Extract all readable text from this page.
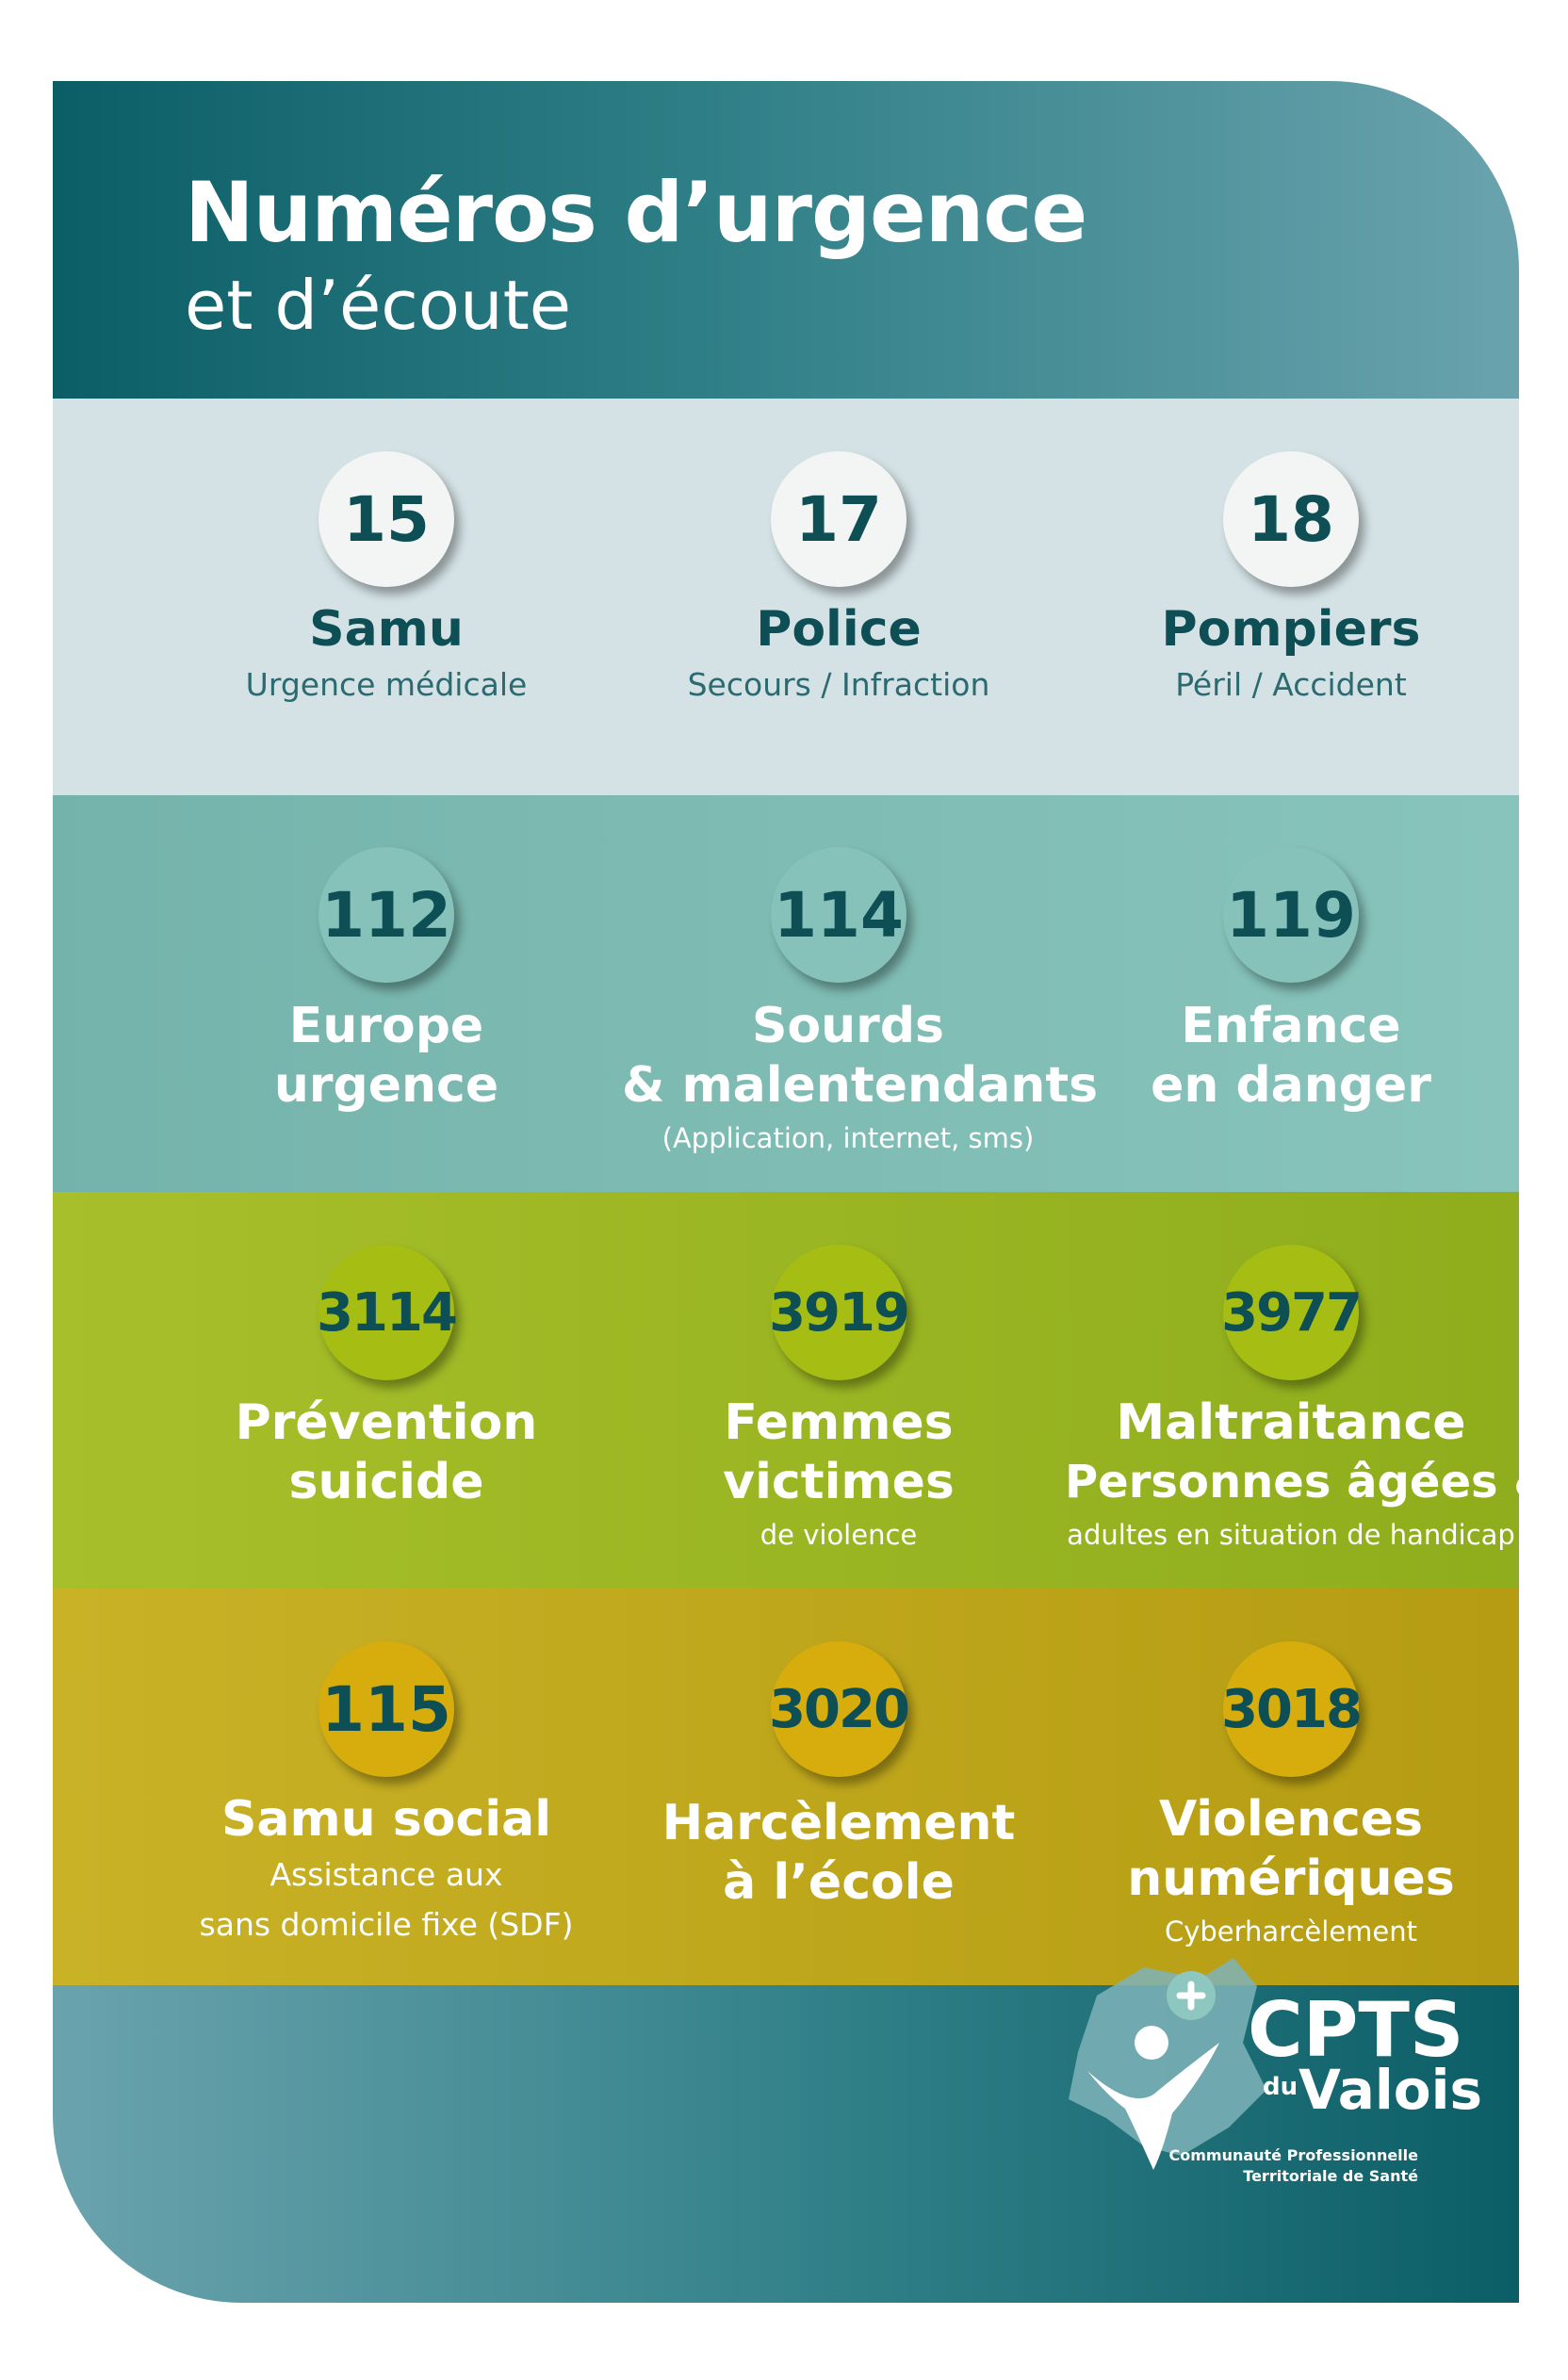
Numéros d’urgence
et d’écoute
15
Samu
Urgence médicale
17
Police
Secours / Infraction
18
Pompiers
Péril / Accident
112
Europe
urgence
114
Sourds
& malentendants
(Application, internet, sms)
119
Enfance
en danger
3114
Prévention
suicide
3919
Femmes
victimes
de violence
3977
Maltraitance
Personnes âgées &
adultes en situation de handicap
115
Samu social
Assistance aux
sans domicile fixe (SDF)
3020
Harcèlement
à l’école
3018
Violences
numériques
Cyberharcèlement
CPTS
du Valois
Communauté Professionnelle
Territoriale de Santé
